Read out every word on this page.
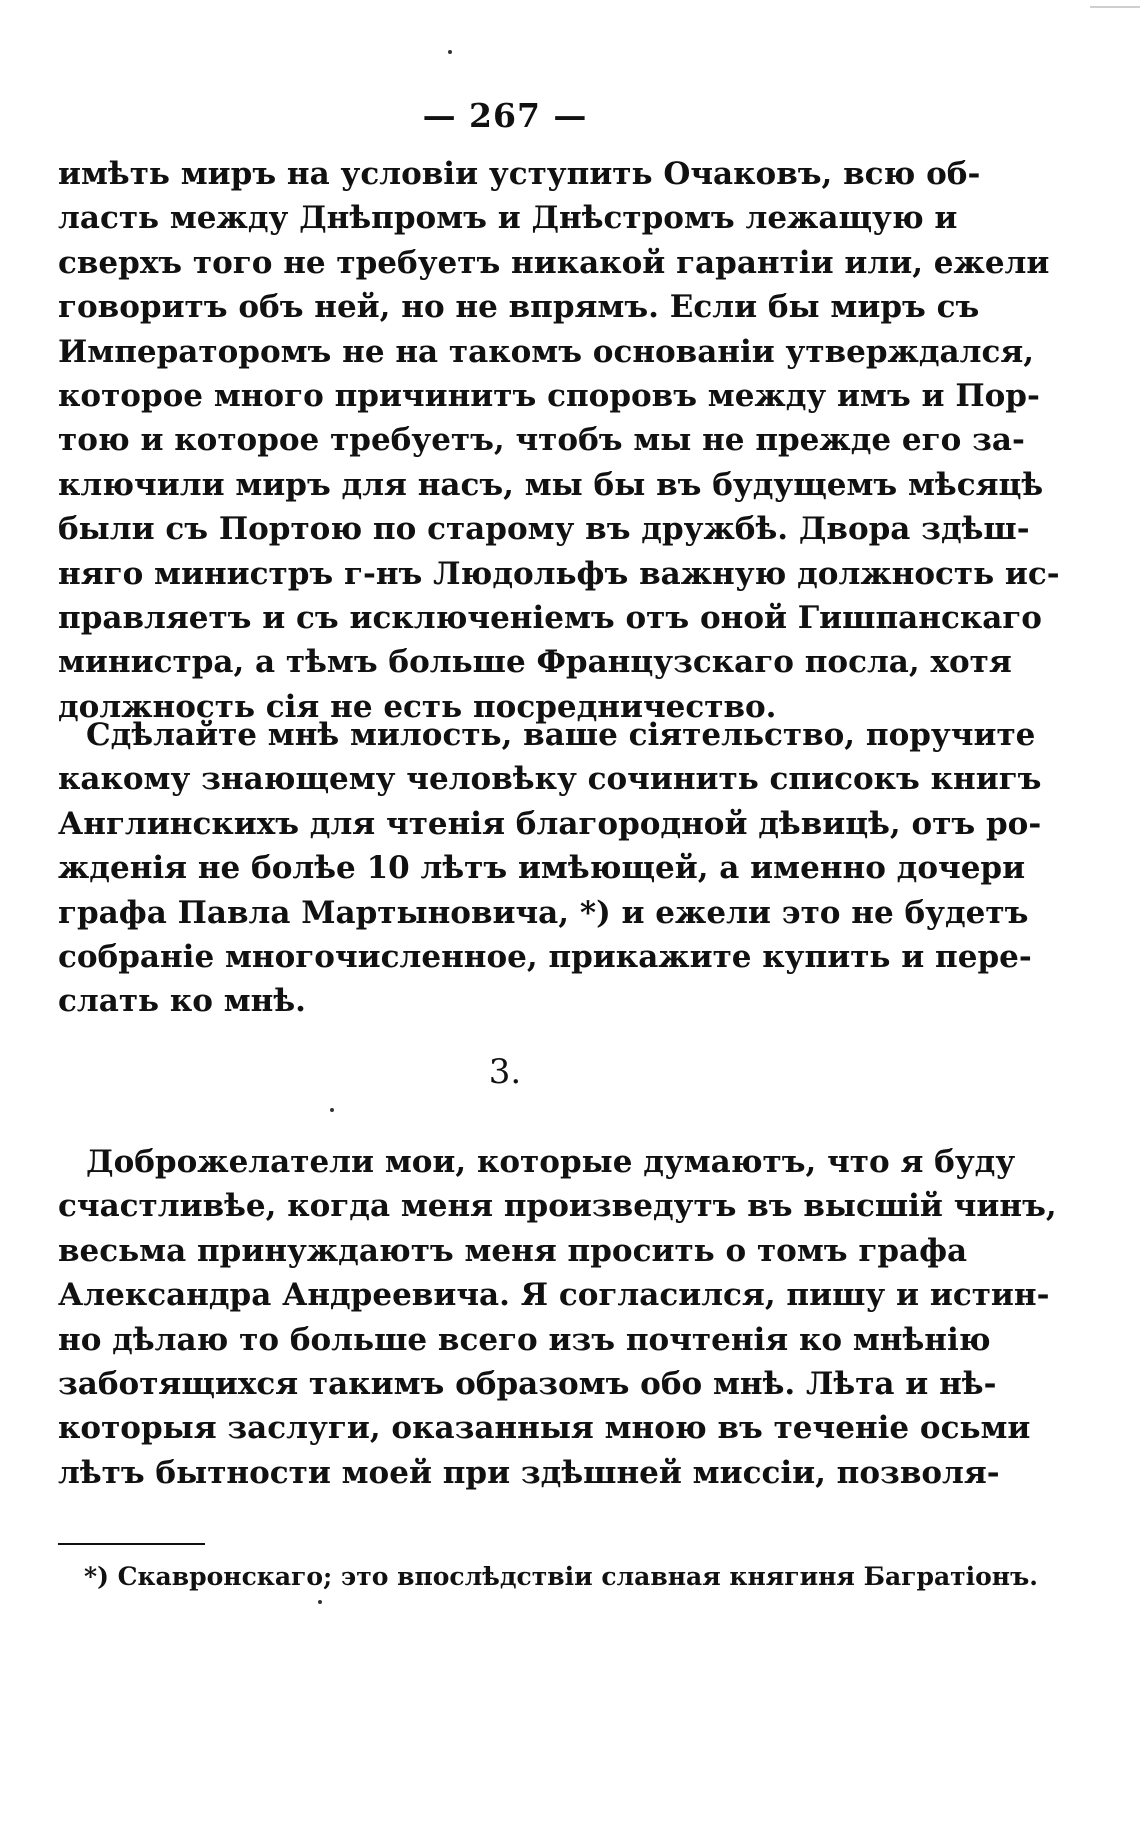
— 267 —
имѣть миръ на условіи уступить Очаковъ, всю об-
ласть между Днѣпромъ и Днѣстромъ лежащую и
сверхъ того не требуетъ никакой гарантіи или, ежели
говоритъ объ ней, но не впрямъ. Если бы миръ съ
Императоромъ не на такомъ основаніи утверждался,
которое много причинитъ споровъ между имъ и Пор-
тою и которое требуетъ, чтобъ мы не прежде его за-
ключили миръ для насъ, мы бы въ будущемъ мѣсяцѣ
были съ Портою по старому въ дружбѣ. Двора здѣш-
няго министръ г-нъ Людольфъ важную должность ис-
правляетъ и съ исключеніемъ отъ оной Гишпанскаго
министра, а тѣмъ больше Французскаго посла, хотя
должность сія не есть посредничество.
Сдѣлайте мнѣ милость, ваше сіятельство, поручите
какому знающему человѣку сочинить списокъ книгъ
Англинскихъ для чтенія благородной дѣвицѣ, отъ ро-
жденія не болѣе 10 лѣтъ имѣющей, а именно дочери
графа Павла Мартыновича, *) и ежели это не будетъ
собраніе многочисленное, прикажите купить и пере-
слать ко мнѣ.
3.
Доброжелатели мои, которые думаютъ, что я буду
счастливѣе, когда меня произведутъ въ высшій чинъ,
весьма принуждаютъ меня просить о томъ графа
Александра Андреевича. Я согласился, пишу и истин-
но дѣлаю то больше всего изъ почтенія ко мнѣнію
заботящихся такимъ образомъ обо мнѣ. Лѣта и нѣ-
которыя заслуги, оказанныя мною въ теченіе осьми
лѣтъ бытности моей при здѣшней миссіи, позволя-
*) Скавронскаго; это впослѣдствіи славная княгиня Багратіонъ.
